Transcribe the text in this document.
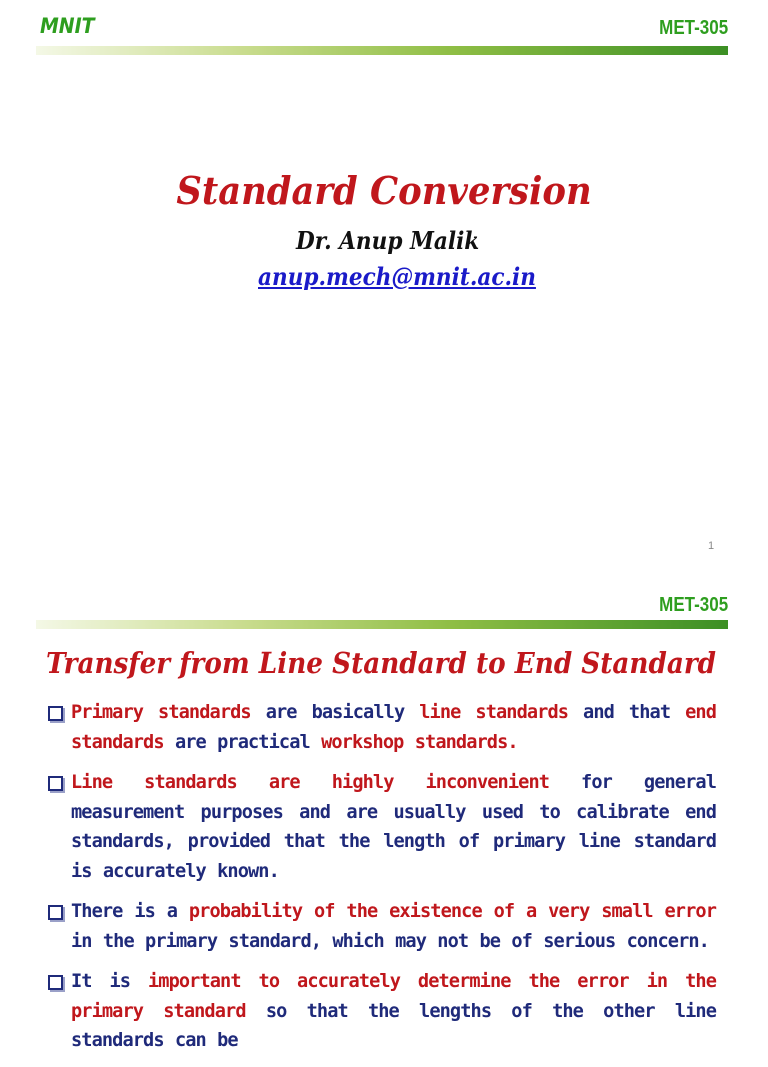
MNIT	MET-305
Standard Conversion
Dr. Anup Malik
anup.mech@mnit.ac.in
1
MET-305
Transfer from Line Standard to End Standard
Primary standards are basically line standards and that end standards are practical workshop standards.
Line standards are highly inconvenient for general measurement purposes and are usually used to calibrate end standards, provided that the length of primary line standard is accurately known.
There is a probability of the existence of a very small error in the primary standard, which may not be of serious concern.
It is important to accurately determine the error in the primary standard so that the lengths of the other line standards can be
